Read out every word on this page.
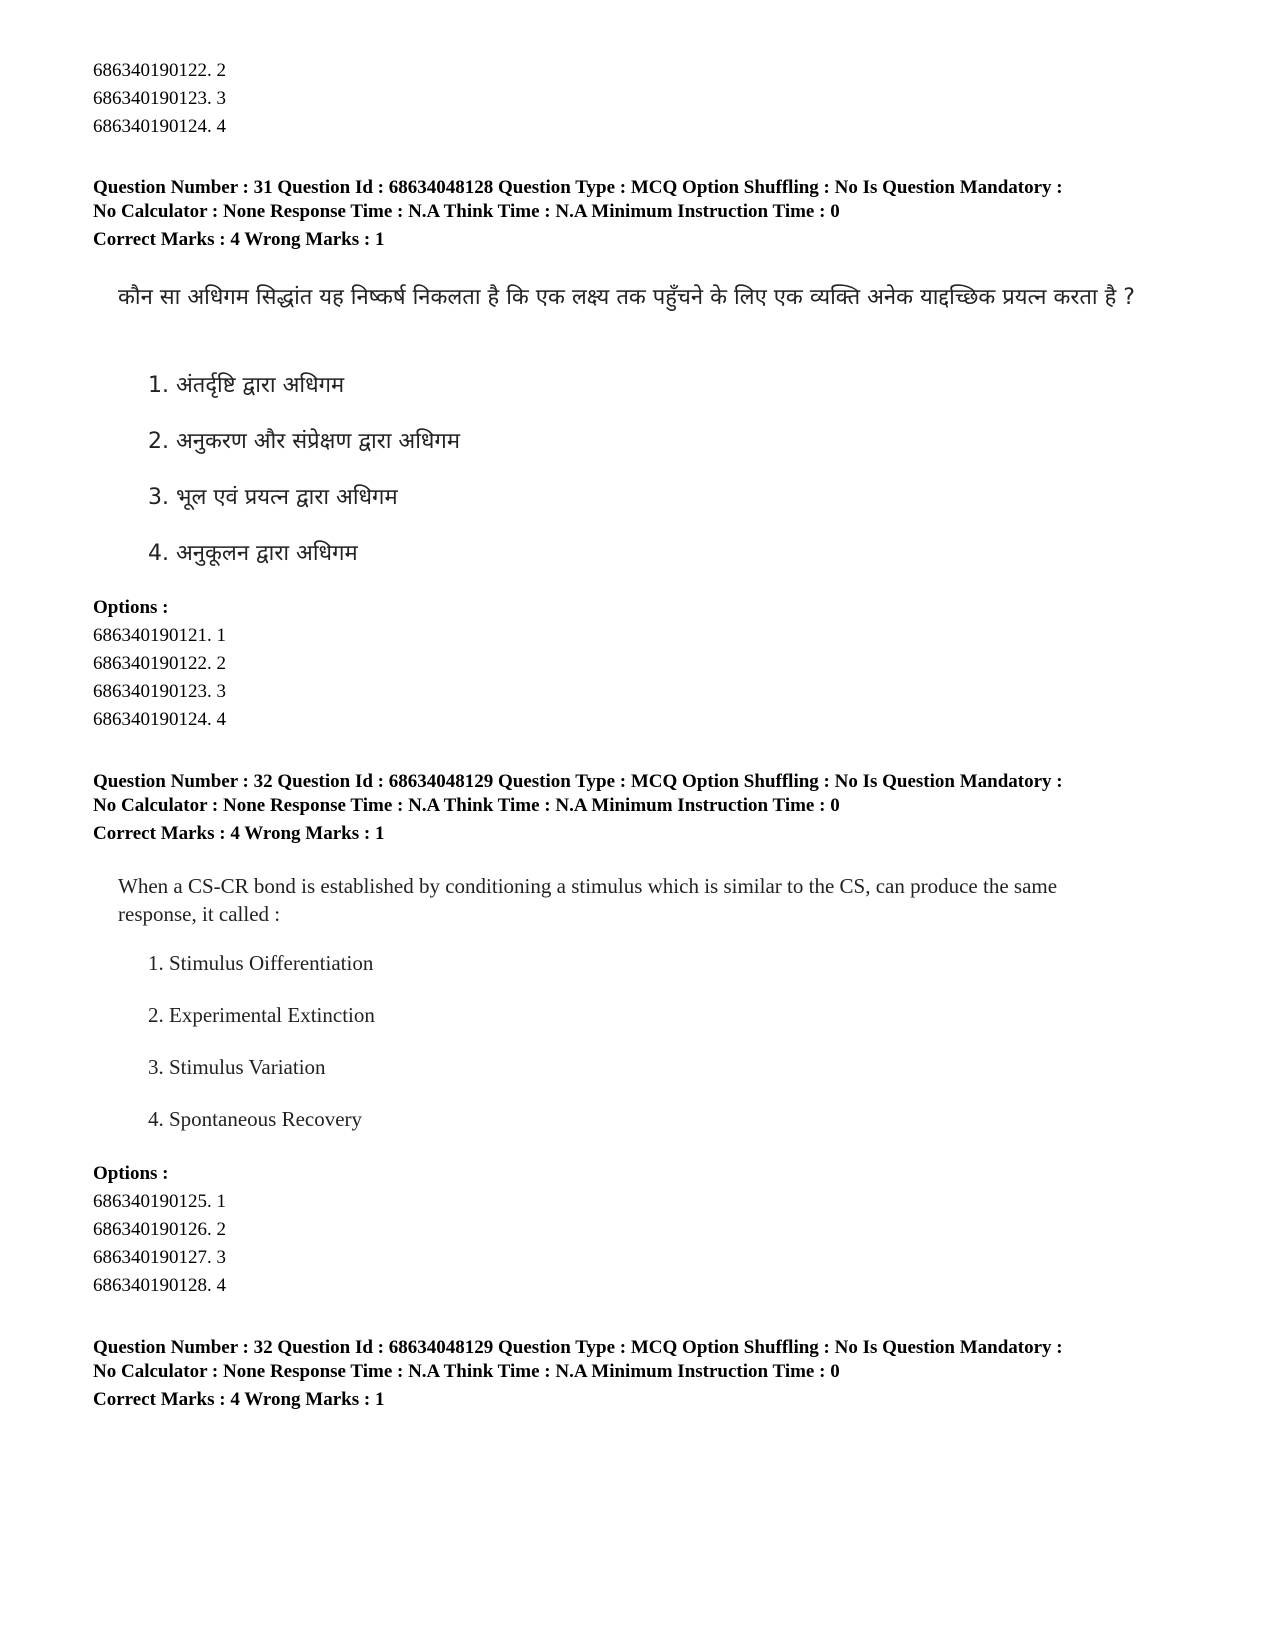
686340190122. 2
686340190123. 3
686340190124. 4
Question Number : 31 Question Id : 68634048128 Question Type : MCQ Option Shuffling : No Is Question Mandatory :
No Calculator : None Response Time : N.A Think Time : N.A Minimum Instruction Time : 0
Correct Marks : 4 Wrong Marks : 1
कौन सा अधिगम सिद्धांत यह निष्कर्ष निकलता है कि एक लक्ष्य तक पहुँचने के लिए एक व्यक्ति अनेक याद्दच्छिक प्रयत्न करता है ?
1. अंतर्दृष्टि द्वारा अधिगम
2. अनुकरण और संप्रेक्षण द्वारा अधिगम
3. भूल एवं प्रयत्न द्वारा अधिगम
4. अनुकूलन द्वारा अधिगम
Options :
686340190121. 1
686340190122. 2
686340190123. 3
686340190124. 4
Question Number : 32 Question Id : 68634048129 Question Type : MCQ Option Shuffling : No Is Question Mandatory :
No Calculator : None Response Time : N.A Think Time : N.A Minimum Instruction Time : 0
Correct Marks : 4 Wrong Marks : 1
When a CS-CR bond is established by conditioning a stimulus which is similar to the CS, can produce the same response, it called :
1. Stimulus Oifferentiation
2. Experimental Extinction
3. Stimulus Variation
4. Spontaneous Recovery
Options :
686340190125. 1
686340190126. 2
686340190127. 3
686340190128. 4
Question Number : 32 Question Id : 68634048129 Question Type : MCQ Option Shuffling : No Is Question Mandatory :
No Calculator : None Response Time : N.A Think Time : N.A Minimum Instruction Time : 0
Correct Marks : 4 Wrong Marks : 1
